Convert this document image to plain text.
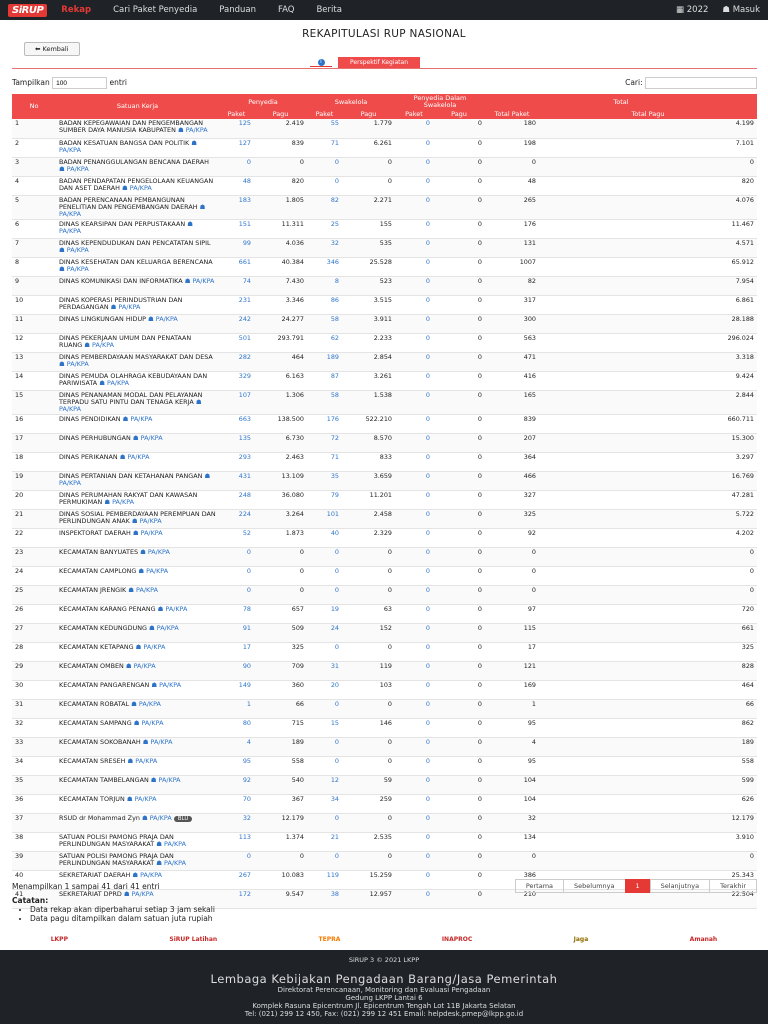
SiRUP	Rekap	Cari Paket Penyedia	Panduan	FAQ	Berita	▦ 2022 ☗ Masuk
REKAPITULASI RUP NASIONAL
⬅ Kembali
i	Perspektif Kegiatan
Tampilkan 100	entri	Cari:
No	Satuan Kerja	Penyedia		Swakelola		Penyedia Dalam Swakelola		Total	
		Paket	Pagu	Paket	Pagu	Paket	Pagu	Total Paket	Total Pagu
1	BADAN KEPEGAWAIAN DAN PENGEMBANGAN SUMBER DAYA MANUSIA KABUPATEN ☗ PA/KPA	125	2.419	55	1.779	0	0	180	4.199
2	BADAN KESATUAN BANGSA DAN POLITIK ☗ PA/KPA	127	839	71	6.261	0	0	198	7.101
3	BADAN PENANGGULANGAN BENCANA DAERAH ☗ PA/KPA	0	0	0	0	0	0	0	0
4	BADAN PENDAPATAN PENGELOLAAN KEUANGAN DAN ASET DAERAH ☗ PA/KPA	48	820	0	0	0	0	48	820
5	BADAN PERENCANAAN PEMBANGUNAN PENELITIAN DAN PENGEMBANGAN DAERAH ☗ PA/KPA	183	1.805	82	2.271	0	0	265	4.076
6	DINAS KEARSIPAN DAN PERPUSTAKAAN ☗ PA/KPA	151	11.311	25	155	0	0	176	11.467
7	DINAS KEPENDUDUKAN DAN PENCATATAN SIPIL ☗ PA/KPA	99	4.036	32	535	0	0	131	4.571
8	DINAS KESEHATAN DAN KELUARGA BERENCANA ☗ PA/KPA	661	40.384	346	25.528	0	0	1007	65.912
9	DINAS KOMUNIKASI DAN INFORMATIKA ☗ PA/KPA	74	7.430	8	523	0	0	82	7.954
10	DINAS KOPERASI PERINDUSTRIAN DAN PERDAGANGAN ☗ PA/KPA	231	3.346	86	3.515	0	0	317	6.861
11	DINAS LINGKUNGAN HIDUP ☗ PA/KPA	242	24.277	58	3.911	0	0	300	28.188
12	DINAS PEKERJAAN UMUM DAN PENATAAN RUANG ☗ PA/KPA	501	293.791	62	2.233	0	0	563	296.024
13	DINAS PEMBERDAYAAN MASYARAKAT DAN DESA ☗ PA/KPA	282	464	189	2.854	0	0	471	3.318
14	DINAS PEMUDA OLAHRAGA KEBUDAYAAN DAN PARIWISATA ☗ PA/KPA	329	6.163	87	3.261	0	0	416	9.424
15	DINAS PENANAMAN MODAL DAN PELAYANAN TERPADU SATU PINTU DAN TENAGA KERJA ☗ PA/KPA	107	1.306	58	1.538	0	0	165	2.844
16	DINAS PENDIDIKAN ☗ PA/KPA	663	138.500	176	522.210	0	0	839	660.711
17	DINAS PERHUBUNGAN ☗ PA/KPA	135	6.730	72	8.570	0	0	207	15.300
18	DINAS PERIKANAN ☗ PA/KPA	293	2.463	71	833	0	0	364	3.297
19	DINAS PERTANIAN DAN KETAHANAN PANGAN ☗ PA/KPA	431	13.109	35	3.659	0	0	466	16.769
20	DINAS PERUMAHAN RAKYAT DAN KAWASAN PERMUKIMAN ☗ PA/KPA	248	36.080	79	11.201	0	0	327	47.281
21	DINAS SOSIAL PEMBERDAYAAN PEREMPUAN DAN PERLINDUNGAN ANAK ☗ PA/KPA	224	3.264	101	2.458	0	0	325	5.722
22	INSPEKTORAT DAERAH ☗ PA/KPA	52	1.873	40	2.329	0	0	92	4.202
23	KECAMATAN BANYUATES ☗ PA/KPA	0	0	0	0	0	0	0	0
24	KECAMATAN CAMPLONG ☗ PA/KPA	0	0	0	0	0	0	0	0
25	KECAMATAN JRENGIK ☗ PA/KPA	0	0	0	0	0	0	0	0
26	KECAMATAN KARANG PENANG ☗ PA/KPA	78	657	19	63	0	0	97	720
27	KECAMATAN KEDUNGDUNG ☗ PA/KPA	91	509	24	152	0	0	115	661
28	KECAMATAN KETAPANG ☗ PA/KPA	17	325	0	0	0	0	17	325
29	KECAMATAN OMBEN ☗ PA/KPA	90	709	31	119	0	0	121	828
30	KECAMATAN PANGARENGAN ☗ PA/KPA	149	360	20	103	0	0	169	464
31	KECAMATAN ROBATAL ☗ PA/KPA	1	66	0	0	0	0	1	66
32	KECAMATAN SAMPANG ☗ PA/KPA	80	715	15	146	0	0	95	862
33	KECAMATAN SOKOBANAH ☗ PA/KPA	4	189	0	0	0	0	4	189
34	KECAMATAN SRESEH ☗ PA/KPA	95	558	0	0	0	0	95	558
35	KECAMATAN TAMBELANGAN ☗ PA/KPA	92	540	12	59	0	0	104	599
36	KECAMATAN TORJUN ☗ PA/KPA	70	367	34	259	0	0	104	626
37	RSUD dr Mohammad Zyn ☗ PA/KPA BLU	32	12.179	0	0	0	0	32	12.179
38	SATUAN POLISI PAMONG PRAJA DAN PERLINDUNGAN MASYARAKAT ☗ PA/KPA	113	1.374	21	2.535	0	0	134	3.910
39	SATUAN POLISI PAMONG PRAJA DAN PERLINDUNGAN MASYARAKAT ☗ PA/KPA	0	0	0	0	0	0	0	0
40	SEKRETARIAT DAERAH ☗ PA/KPA	267	10.083	119	15.259	0	0	386	25.343
41	SEKRETARIAT DPRD ☗ PA/KPA	172	9.547	38	12.957	0	0	210	22.504
Menampilkan 1 sampai 41 dari 41 entri	Pertama	Sebelumnya	1	Selanjutnya	Terakhir
Catatan:
• Data rekap akan diperbaharui setiap 3 jam sekali
• Data pagu ditampilkan dalam satuan juta rupiah
LKPP	SiRUP Latihan	TEPRA	INAPROC	Jaga	Amanah
SiRUP 3 © 2021 LKPP
Lembaga Kebijakan Pengadaan Barang/Jasa Pemerintah
Direktorat Perencanaan, Monitoring dan Evaluasi Pengadaan
Gedung LKPP Lantai 6
Komplek Rasuna Epicentrum Jl. Epicentrum Tengah Lot 11B Jakarta Selatan
Tel: (021) 299 12 450, Fax: (021) 299 12 451 Email: helpdesk.pmep@lkpp.go.id
